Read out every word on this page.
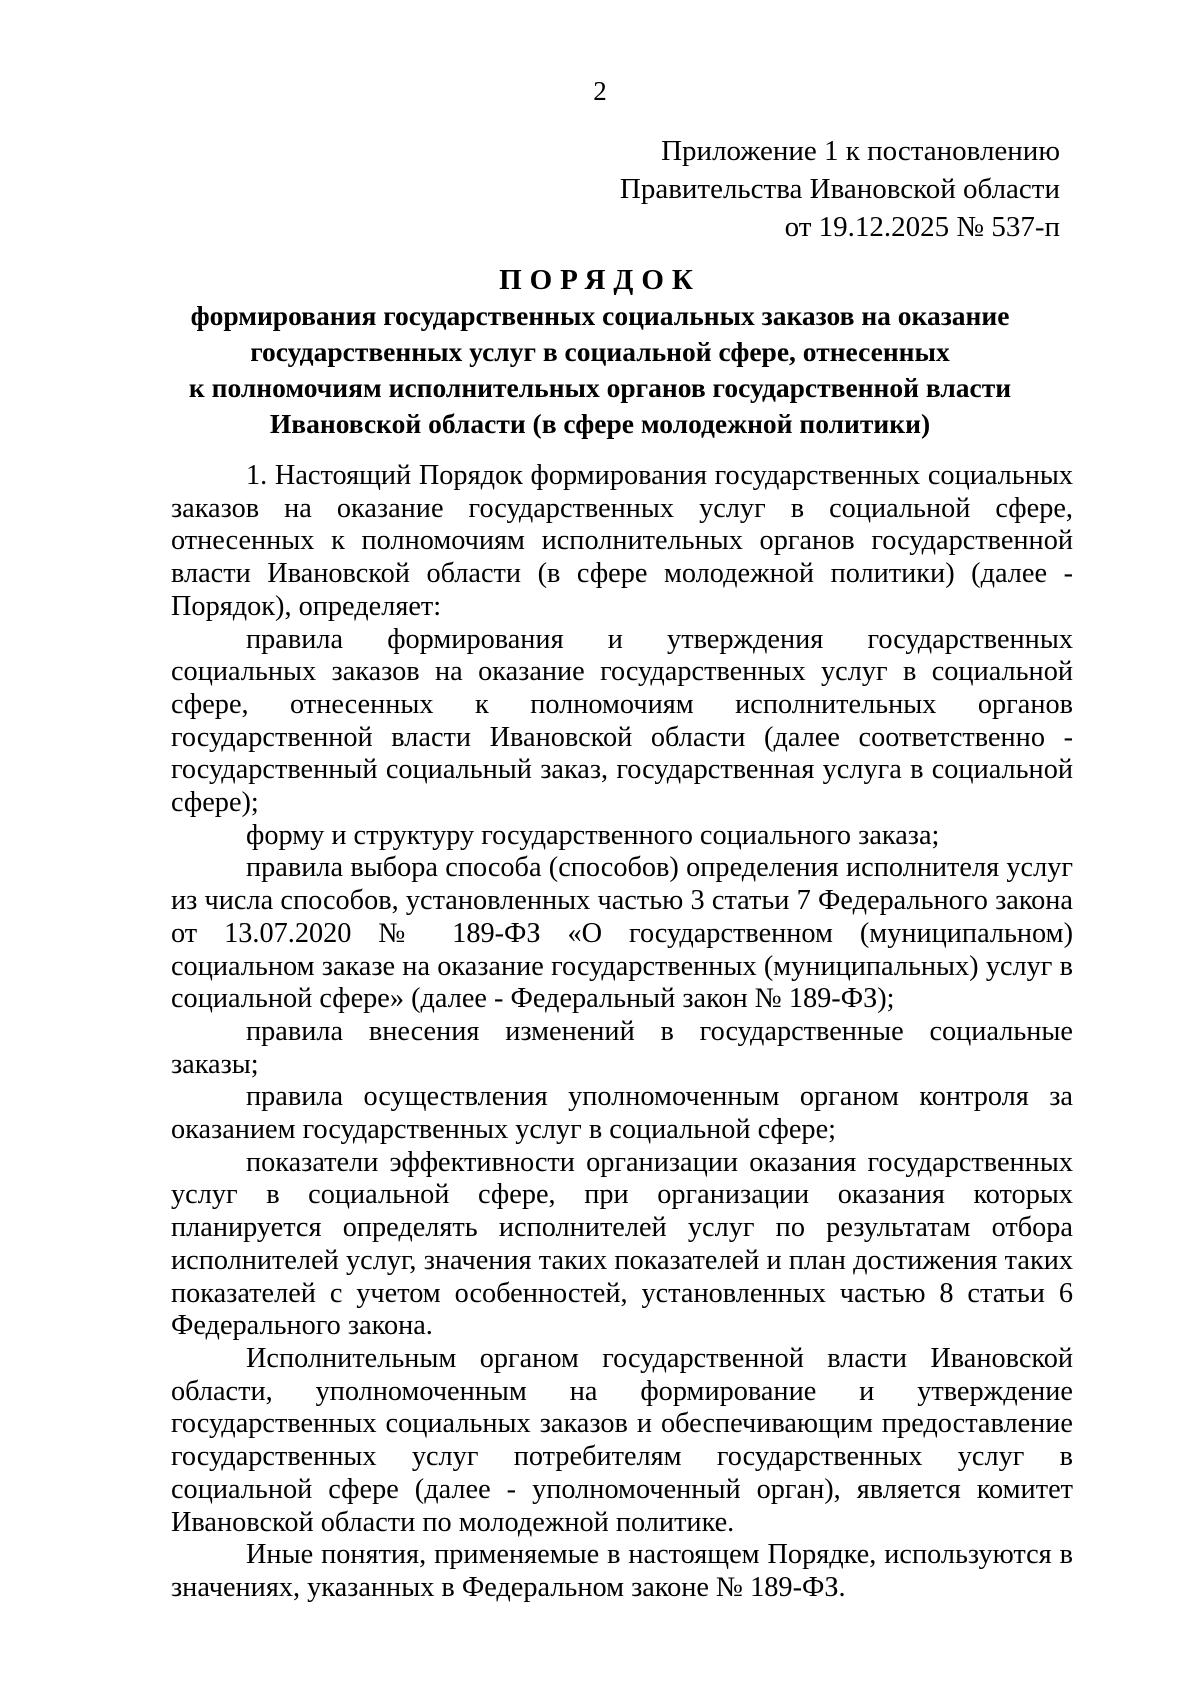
2
Приложение 1 к постановлению
Правительства Ивановской области
от 19.12.2025 № 537-п
ПОРЯДОК
формирования государственных социальных заказов на оказание
государственных услуг в социальной сфере, отнесенных
к полномочиям исполнительных органов государственной власти
Ивановской области (в сфере молодежной политики)

1. Настоящий Порядок формирования государственных социальных заказов на оказание государственных услуг в социальной сфере, отнесенных к полномочиям исполнительных органов государственной власти Ивановской области (в сфере молодежной политики) (далее - Порядок), определяет:

правила формирования и утверждения государственных социальных заказов на оказание государственных услуг в социальной сфере, отнесенных к полномочиям исполнительных органов государственной власти Ивановской области (далее соответственно - государственный социальный заказ, государственная услуга в социальной сфере);

форму и структуру государственного социального заказа;

правила выбора способа (способов) определения исполнителя услуг из числа способов, установленных частью 3 статьи 7 Федерального закона от 13.07.2020 № 189-ФЗ «О государственном (муниципальном) социальном заказе на оказание государственных (муниципальных) услуг в социальной сфере» (далее - Федеральный закон № 189-ФЗ);

правила внесения изменений в государственные социальные заказы;

правила осуществления уполномоченным органом контроля за оказанием государственных услуг в социальной сфере;

показатели эффективности организации оказания государственных услуг в социальной сфере, при организации оказания которых планируется определять исполнителей услуг по результатам отбора исполнителей услуг, значения таких показателей и план достижения таких показателей с учетом особенностей, установленных частью 8 статьи 6 Федерального закона.

Исполнительным органом государственной власти Ивановской области, уполномоченным на формирование и утверждение государственных социальных заказов и обеспечивающим предоставление государственных услуг потребителям государственных услуг в социальной сфере (далее - уполномоченный орган), является комитет Ивановской области по молодежной политике.

Иные понятия, применяемые в настоящем Порядке, используются в значениях, указанных в Федеральном законе № 189-ФЗ.
